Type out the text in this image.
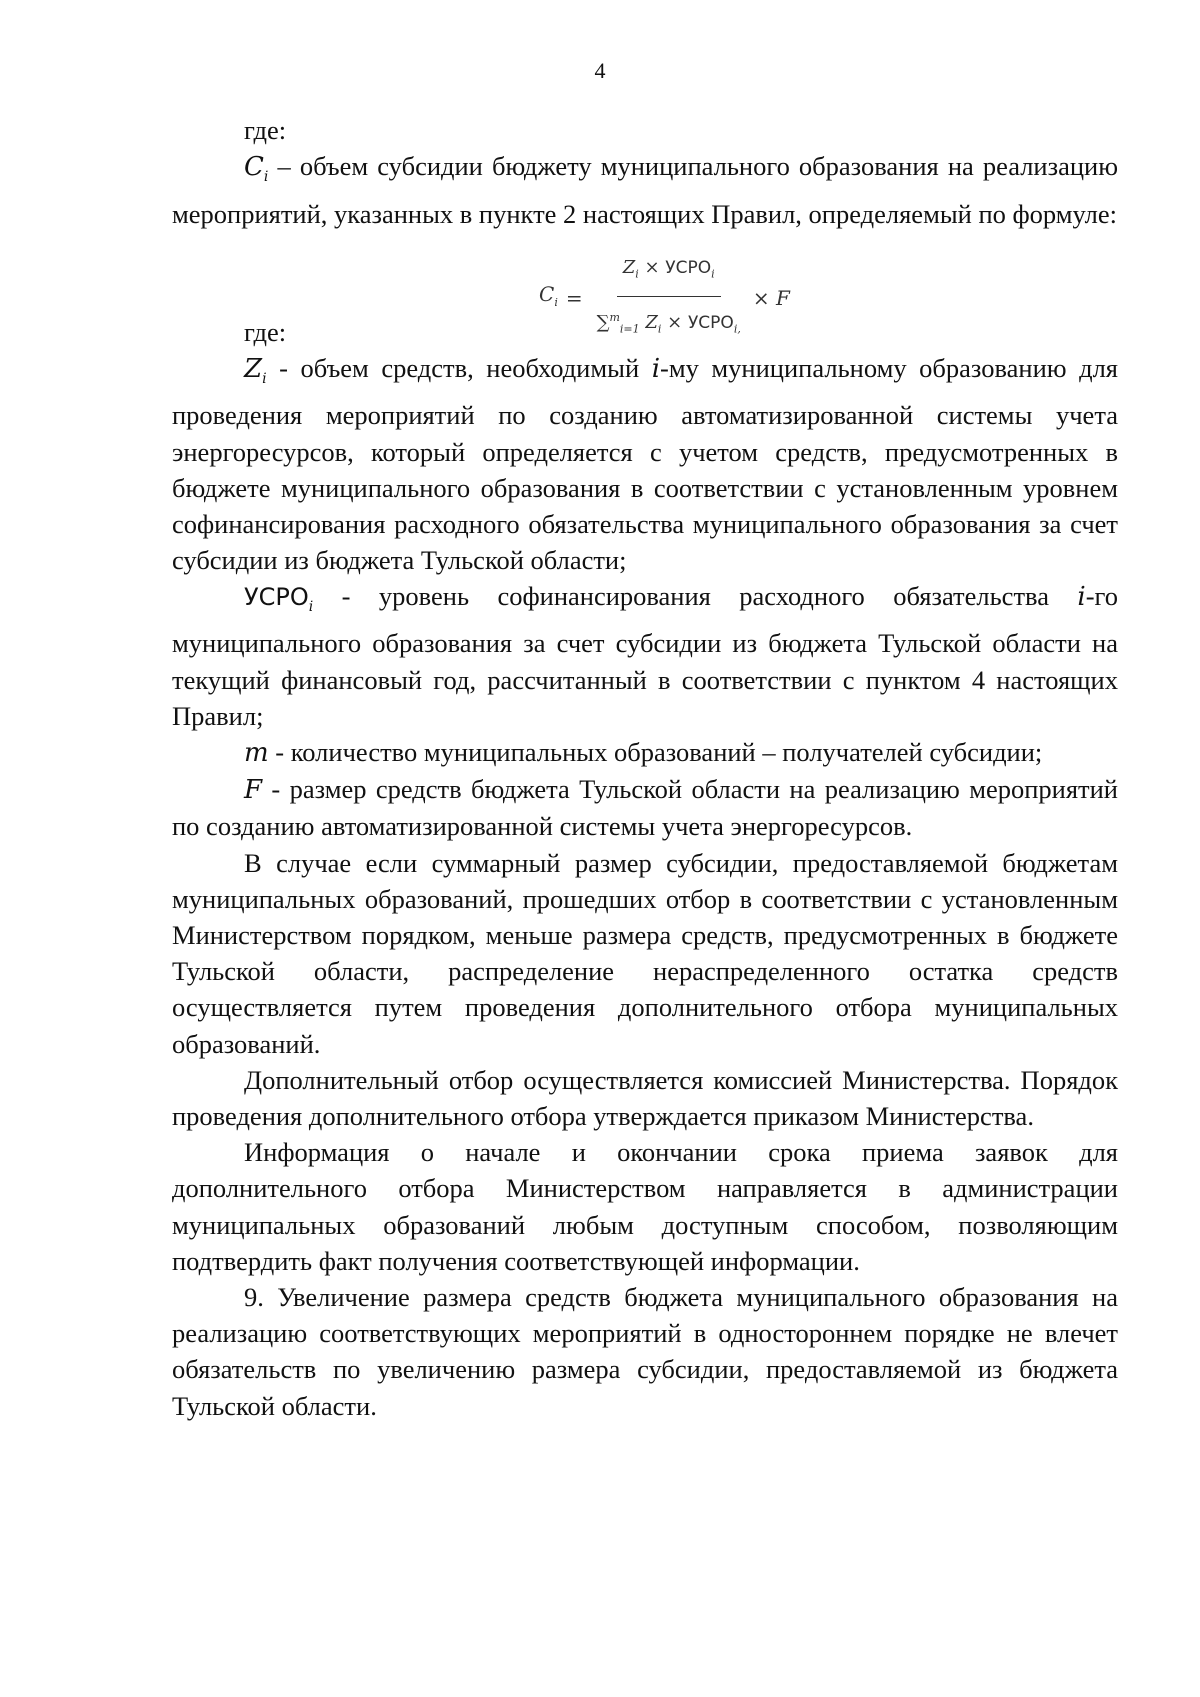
4

где:

$C_i$ – объем субсидии бюджету муниципального образования на реализацию мероприятий, указанных в пункте 2 настоящих Правил, определяемый по формуле:

$C_i = \frac{Z_i \times УСРО_i}{\sum^m_{i=1} Z_i \times УСРО_{i,}} \times F$

где:

$Z_i$ - объем средств, необходимый i-му муниципальному образованию для проведения мероприятий по созданию автоматизированной системы учета энергоресурсов, который определяется с учетом средств, предусмотренных в бюджете муниципального образования в соответствии с установленным уровнем софинансирования расходного обязательства муниципального образования за счет субсидии из бюджета Тульской области;

$УСРО_i$ - уровень софинансирования расходного обязательства i-го муниципального образования за счет субсидии из бюджета Тульской области на текущий финансовый год, рассчитанный в соответствии с пунктом 4 настоящих Правил;

m - количество муниципальных образований – получателей субсидии;

F - размер средств бюджета Тульской области на реализацию мероприятий по созданию автоматизированной системы учета энергоресурсов.

В случае если суммарный размер субсидии, предоставляемой бюджетам муниципальных образований, прошедших отбор в соответствии с установленным Министерством порядком, меньше размера средств, предусмотренных в бюджете Тульской области, распределение нераспределенного остатка средств осуществляется путем проведения дополнительного отбора муниципальных образований.

Дополнительный отбор осуществляется комиссией Министерства. Порядок проведения дополнительного отбора утверждается приказом Министерства.

Информация о начале и окончании срока приема заявок для дополнительного отбора Министерством направляется в администрации муниципальных образований любым доступным способом, позволяющим подтвердить факт получения соответствующей информации.

9. Увеличение размера средств бюджета муниципального образования на реализацию соответствующих мероприятий в одностороннем порядке не влечет обязательств по увеличению размера субсидии, предоставляемой из бюджета Тульской области.
